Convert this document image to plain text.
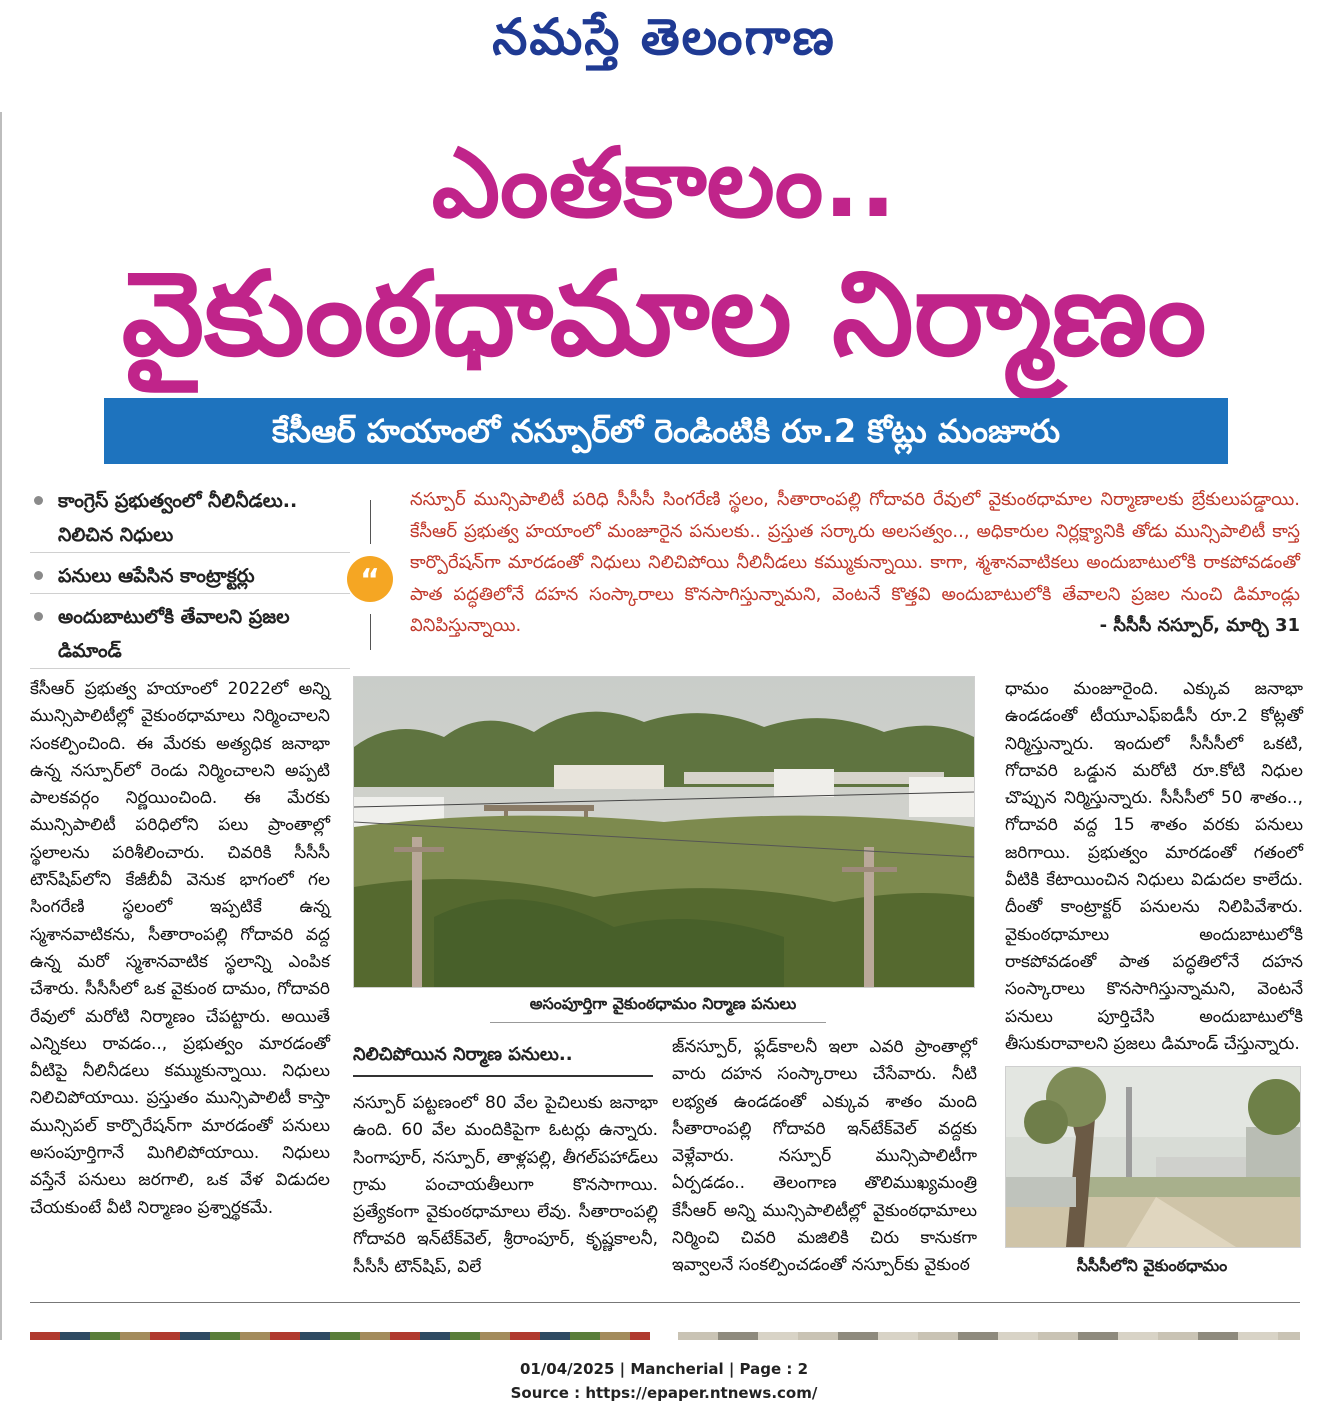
నమస్తే తెలంగాణ
ఎంతకాలం..
వైకుంఠధామాల నిర్మాణం
కేసీఆర్ హయాంలో నస్పూర్‌లో రెండింటికి రూ.2 కోట్లు మంజూరు
కాంగ్రెస్ ప్రభుత్వంలో నీలినీడలు.. నిలిచిన నిధులు
పనులు ఆపేసిన కాంట్రాక్టర్లు
అందుబాటులోకి తేవాలని ప్రజల డిమాండ్
“
నస్పూర్ మున్సిపాలిటీ పరిధి సీసీసీ సింగరేణి స్థలం, సీతారాంపల్లి గోదావరి రేవులో వైకుంఠధామాల నిర్మాణాలకు బ్రేకులుపడ్డాయి. కేసీఆర్ ప్రభుత్వ హయాంలో మంజూరైన పనులకు.. ప్రస్తుత సర్కారు అలసత్వం.., అధికారుల నిర్లక్ష్యానికి తోడు మున్సిపాలిటీ కాస్త కార్పొరేషన్‌గా మారడంతో నిధులు నిలిచిపోయి నీలినీడలు కమ్ముకున్నాయి. కాగా, శ్మశానవాటికలు అందుబాటులోకి రాకపోవడంతో పాత పద్ధతిలోనే దహన సంస్కారాలు కొనసాగిస్తున్నామని, వెంటనే కొత్తవి అందుబాటులోకి తేవాలని ప్రజల నుంచి డిమాండ్లు వినిపిస్తున్నాయి.	- సీసీసీ నస్పూర్, మార్చి 31
కేసీఆర్ ప్రభుత్వ హయాంలో 2022లో అన్ని మున్సిపాలిటీల్లో వైకుంఠధామాలు నిర్మించాలని సంకల్పించింది. ఈ మేరకు అత్యధిక జనాభా ఉన్న నస్పూర్‌లో రెండు నిర్మించాలని అప్పటి పాలకవర్గం నిర్ణయించింది. ఈ మేరకు మున్సిపాలిటీ పరిధిలోని పలు ప్రాంతాల్లో స్థలాలను పరిశీలించారు. చివరికి సీసీసీ టౌన్‌షిప్‌లోని కేజీబీవీ వెనుక భాగంలో గల సింగరేణి స్థలంలో ఇప్పటికే ఉన్న స్మశానవాటికను, సీతారాంపల్లి గోదావరి వద్ద ఉన్న మరో స్మశానవాటిక స్థలాన్ని ఎంపిక చేశారు. సీసీసీలో ఒక వైకుంఠ దామం, గోదావరి రేవులో మరోటి నిర్మాణం చేపట్టారు. అయితే ఎన్నికలు రావడం.., ప్రభుత్వం మారడంతో వీటిపై నీలినీడలు కమ్ముకున్నాయి. నిధులు నిలిచిపోయాయి. ప్రస్తుతం మున్సిపాలిటీ కాస్తా మున్సిపల్ కార్పొరేషన్‌గా మారడంతో పనులు అసంపూర్తిగానే మిగిలిపోయాయి. నిధులు వస్తేనే పనులు జరగాలి, ఒక వేళ విడుదల చేయకుంటే వీటి నిర్మాణం ప్రశ్నార్థకమే.
అసంపూర్తిగా వైకుంఠధామం నిర్మాణ పనులు
నిలిచిపోయిన నిర్మాణ పనులు..
నస్పూర్ పట్టణంలో 80 వేల పైచిలుకు జనాభా ఉంది. 60 వేల మందికిపైగా ఓటర్లు ఉన్నారు. సింగాపూర్, నస్పూర్, తాళ్లపల్లి, తీగల్‌పహాడ్‌లు గ్రామ పంచాయతీలుగా కొనసాగాయి. ప్రత్యేకంగా వైకుంఠధామాలు లేవు. సీతారాంపల్లి గోదావరి ఇన్‌టేక్‌వెల్, శ్రీరాంపూర్, కృష్ణకాలనీ, సీసీసీ టౌన్‌షిప్, విలే
జ్‌నస్పూర్, ఫ్లడ్‌కాలనీ ఇలా ఎవరి ప్రాంతాల్లో వారు దహన సంస్కారాలు చేసేవారు. నీటి లభ్యత ఉండడంతో ఎక్కువ శాతం మంది సీతారాంపల్లి గోదావరి ఇన్‌టేక్‌వెల్ వద్దకు వెళ్లేవారు. నస్పూర్ మున్సిపాలిటీగా ఏర్పడడం.. తెలంగాణ తొలిముఖ్యమంత్రి కేసీఆర్ అన్ని మున్సిపాలిటీల్లో వైకుంఠధామాలు నిర్మించి చివరి మజిలికి చిరు కానుకగా ఇవ్వాలనే సంకల్పించడంతో నస్పూర్‌కు వైకుంఠ
ధామం మంజూరైంది. ఎక్కువ జనాభా ఉండడంతో టీయూఎఫ్ఐడీసీ రూ.2 కోట్లతో నిర్మిస్తున్నారు. ఇందులో సీసీసీలో ఒకటి, గోదావరి ఒడ్డున మరోటి రూ.కోటి నిధుల చొప్పున నిర్మిస్తున్నారు. సీసీసీలో 50 శాతం.., గోదావరి వద్ద 15 శాతం వరకు పనులు జరిగాయి. ప్రభుత్వం మారడంతో గతంలో వీటికి కేటాయించిన నిధులు విడుదల కాలేదు. దీంతో కాంట్రాక్టర్ పనులను నిలిపివేశారు. వైకుంఠధామాలు అందుబాటులోకి రాకపోవడంతో పాత పద్ధతిలోనే దహన సంస్కారాలు కొనసాగిస్తున్నామని, వెంటనే పనులు పూర్తిచేసి అందుబాటులోకి తీసుకురావాలని ప్రజలు డిమాండ్ చేస్తున్నారు.
సీసీసీలోని వైకుంఠధామం
01/04/2025 | Mancherial | Page : 2
Source : https://epaper.ntnews.com/
